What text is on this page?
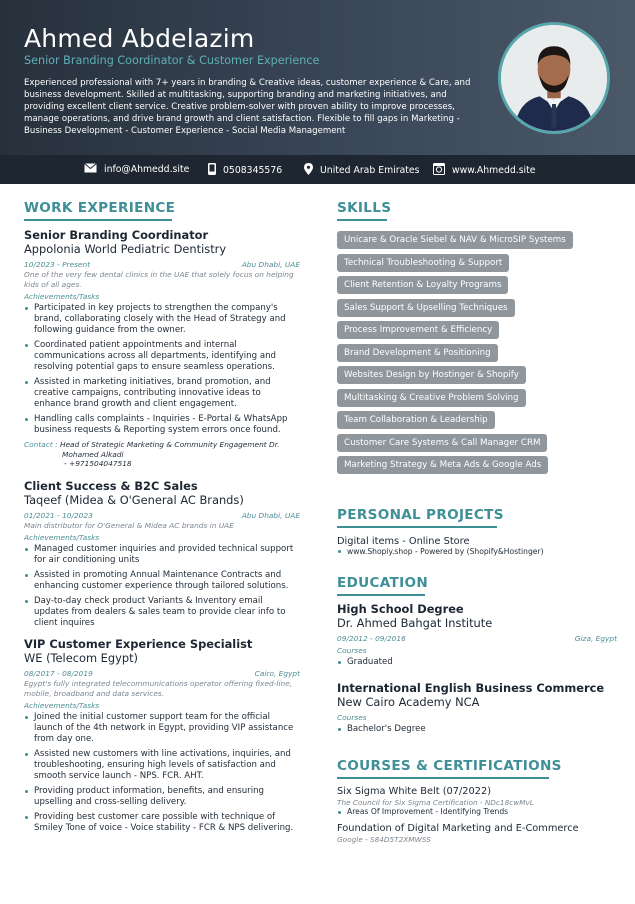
Ahmed Abdelazim
Senior Branding Coordinator & Customer Experience
Experienced professional with 7+ years in branding & Creative ideas, customer experience & Care, and business development. Skilled at multitasking, supporting branding and marketing initiatives, and providing excellent client service. Creative problem-solver with proven ability to improve processes, manage operations, and drive brand growth and client satisfaction. Flexible to fill gaps in Marketing - Business Development - Customer Experience - Social Media Management
info@Ahmedd.site	0508345576	United Arab Emirates	www.Ahmedd.site
WORK EXPERIENCE
Senior Branding Coordinator
Appolonia World Pediatric Dentistry
10/2023 - Present	Abu Dhabi, UAE
One of the very few dental clinics in the UAE that solely focus on helping kids of all ages.
Achievements/Tasks
Participated in key projects to strengthen the company's brand, collaborating closely with the Head of Strategy and following guidance from the owner.
Coordinated patient appointments and internal communications across all departments, identifying and resolving potential gaps to ensure seamless operations.
Assisted in marketing initiatives, brand promotion, and creative campaigns, contributing innovative ideas to enhance brand growth and client engagement.
Handling calls complaints - Inquiries - E-Portal & WhatsApp business requests & Reporting system errors once found.
Contact : Head of Strategic Marketing & Community Engagement Dr.
Mohamed Alkadi
- +971504047518
Client Success & B2C Sales
Taqeef (Midea & O'General AC Brands)
01/2021 - 10/2023	Abu Dhabi, UAE
Main distributor for O'General & Midea AC brands in UAE
Achievements/Tasks
Managed customer inquiries and provided technical support for air conditioning units
Assisted in promoting Annual Maintenance Contracts and enhancing customer experience through tailored solutions.
Day-to-day check product Variants & Inventory email updates from dealers & sales team to provide clear info to client inquires
VIP Customer Experience Specialist
WE (Telecom Egypt)
08/2017 - 08/2019	Cairo, Egypt
Egypt's fully integrated telecommunications operator offering fixed-line, mobile, broadband and data services.
Achievements/Tasks
Joined the initial customer support team for the official launch of the 4th network in Egypt, providing VIP assistance from day one.
Assisted new customers with line activations, inquiries, and troubleshooting, ensuring high levels of satisfaction and smooth service launch - NPS. FCR. AHT.
Providing product information, benefits, and ensuring upselling and cross-selling delivery.
Providing best customer care possible with technique of Smiley Tone of voice - Voice stability - FCR & NPS delivering.
SKILLS
Unicare & Oracle Siebel & NAV & MicroSIP Systems
Technical Troubleshooting & Support
Client Retention & Loyalty Programs
Sales Support & Upselling Techniques
Process Improvement & Efficiency
Brand Development & Positioning
Websites Design by Hostinger & Shopify
Multitasking & Creative Problem Solving
Team Collaboration & Leadership
Customer Care Systems & Call Manager CRM
Marketing Strategy & Meta Ads & Google Ads
PERSONAL PROJECTS
Digital items - Online Store
www.Shopiy.shop - Powered by (Shopify&Hostinger)
EDUCATION
High School Degree
Dr. Ahmed Bahgat Institute
09/2012 - 09/2016	Giza, Egypt
Courses
Graduated
International English Business Commerce
New Cairo Academy NCA
Courses
Bachelor's Degree
COURSES & CERTIFICATIONS
Six Sigma White Belt (07/2022)
The Council for Six Sigma Certification - NDc18cwMvL
Areas Of Improvement - Identifying Trends
Foundation of Digital Marketing and E-Commerce
Google - S84D5T2XMWSS
